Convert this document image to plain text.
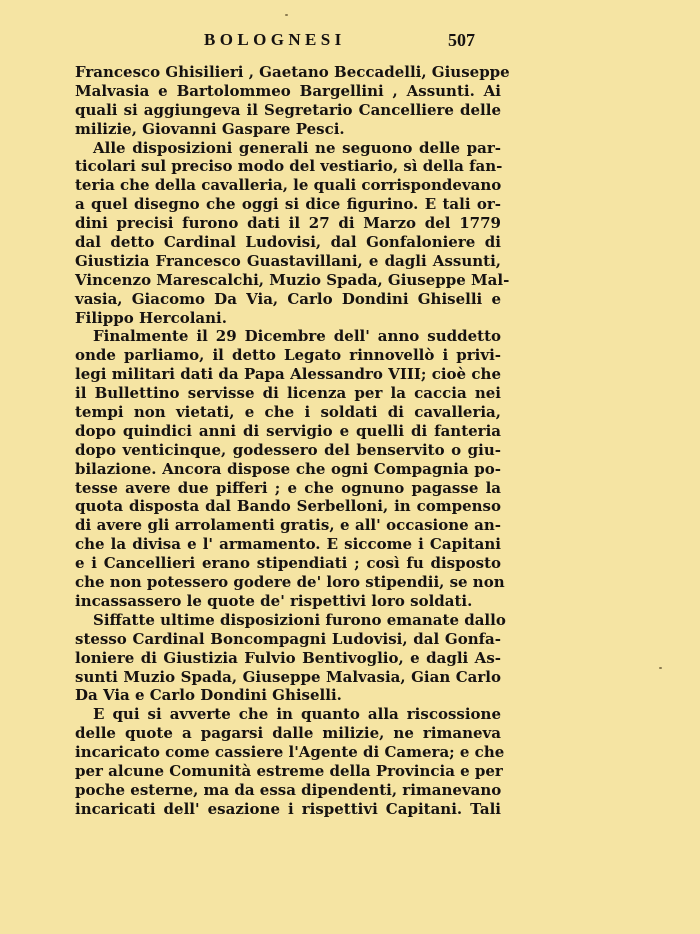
BOLOGNESI	507
Francesco Ghisilieri , Gaetano Beccadelli, Giuseppe
Malvasia e Bartolommeo Bargellini , Assunti. Ai
quali si aggiungeva il Segretario Cancelliere delle
milizie, Giovanni Gaspare Pesci.
Alle disposizioni generali ne seguono delle par-
ticolari sul preciso modo del vestiario, sì della fan-
teria che della cavalleria, le quali corrispondevano
a quel disegno che oggi si dice figurino. E tali or-
dini precisi furono dati il 27 di Marzo del 1779
dal detto Cardinal Ludovisi, dal Gonfaloniere di
Giustizia Francesco Guastavillani, e dagli Assunti,
Vincenzo Marescalchi, Muzio Spada, Giuseppe Mal-
vasia, Giacomo Da Via, Carlo Dondini Ghiselli e
Filippo Hercolani.
Finalmente il 29 Dicembre dell' anno suddetto
onde parliamo, il detto Legato rinnovellò i privi-
legi militari dati da Papa Alessandro VIII; cioè che
il Bullettino servisse di licenza per la caccia nei
tempi non vietati, e che i soldati di cavalleria,
dopo quindici anni di servigio e quelli di fanteria
dopo venticinque, godessero del benservito o giu-
bilazione. Ancora dispose che ogni Compagnia po-
tesse avere due pifferi ; e che ognuno pagasse la
quota disposta dal Bando Serbelloni, in compenso
di avere gli arrolamenti gratis, e all' occasione an-
che la divisa e l' armamento. E siccome i Capitani
e i Cancellieri erano stipendiati ; così fu disposto
che non potessero godere de' loro stipendii, se non
incassassero le quote de' rispettivi loro soldati.
Siffatte ultime disposizioni furono emanate dallo
stesso Cardinal Boncompagni Ludovisi, dal Gonfa-
loniere di Giustizia Fulvio Bentivoglio, e dagli As-
sunti Muzio Spada, Giuseppe Malvasia, Gian Carlo
Da Via e Carlo Dondini Ghiselli.
E qui si avverte che in quanto alla riscossione
delle quote a pagarsi dalle milizie, ne rimaneva
incaricato come cassiere l'Agente di Camera; e che
per alcune Comunità estreme della Provincia e per
poche esterne, ma da essa dipendenti, rimanevano
incaricati dell' esazione i rispettivi Capitani. Tali
